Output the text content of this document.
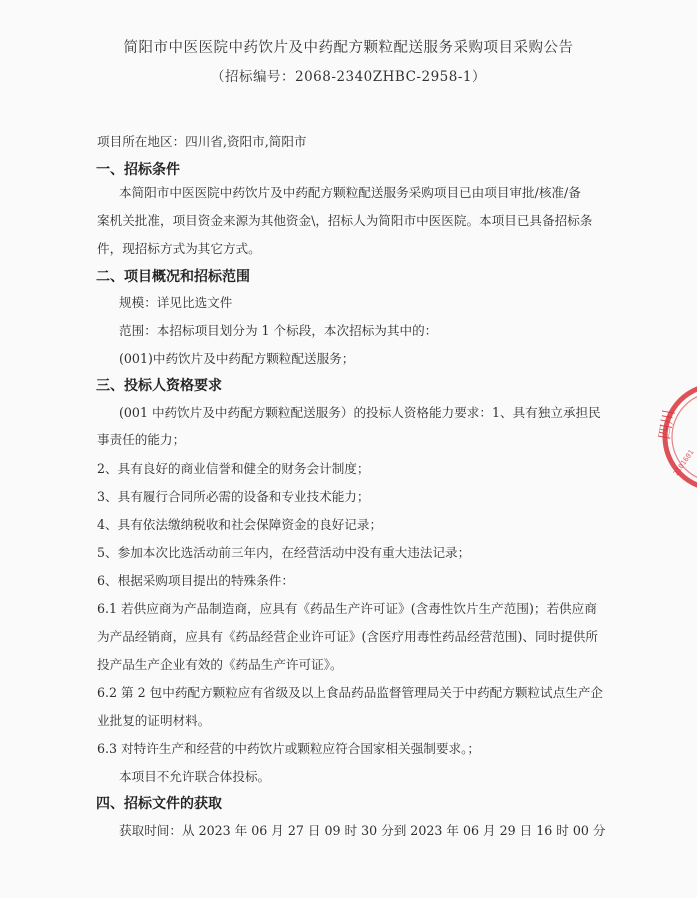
简阳市中医医院中药饮片及中药配方颗粒配送服务采购项目采购公告
（招标编号：2068-2340ZHBC-2958-1）
项目所在地区：四川省,资阳市,简阳市
一、招标条件
本简阳市中医医院中药饮片及中药配方颗粒配送服务采购项目已由项目审批/核准/备
案机关批准，项目资金来源为其他资金\，招标人为简阳市中医医院。本项目已具备招标条
件，现招标方式为其它方式。
二、项目概况和招标范围
规模：详见比选文件
范围：本招标项目划分为 1 个标段，本次招标为其中的：
(001)中药饮片及中药配方颗粒配送服务；
三、投标人资格要求
(001 中药饮片及中药配方颗粒配送服务）的投标人资格能力要求：1、具有独立承担民
事责任的能力；
2、具有良好的商业信誉和健全的财务会计制度；
3、具有履行合同所必需的设备和专业技术能力；
4、具有依法缴纳税收和社会保障资金的良好记录；
5、参加本次比选活动前三年内，在经营活动中没有重大违法记录；
6、根据采购项目提出的特殊条件：
6.1 若供应商为产品制造商，应具有《药品生产许可证》(含毒性饮片生产范围)；若供应商
为产品经销商，应具有《药品经营企业许可证》(含医疗用毒性药品经营范围)、同时提供所
投产品生产企业有效的《药品生产许可证》。
6.2 第 2 包中药配方颗粒应有省级及以上食品药品监督管理局关于中药配方颗粒试点生产企
业批复的证明材料。
6.3 对特许生产和经营的中药饮片或颗粒应符合国家相关强制要求。；
本项目不允许联合体投标。
四、招标文件的获取
获取时间：从 2023 年 06 月 27 日 09 时 30 分到 2023 年 06 月 29 日 16 时 00 分
四川
2101601
